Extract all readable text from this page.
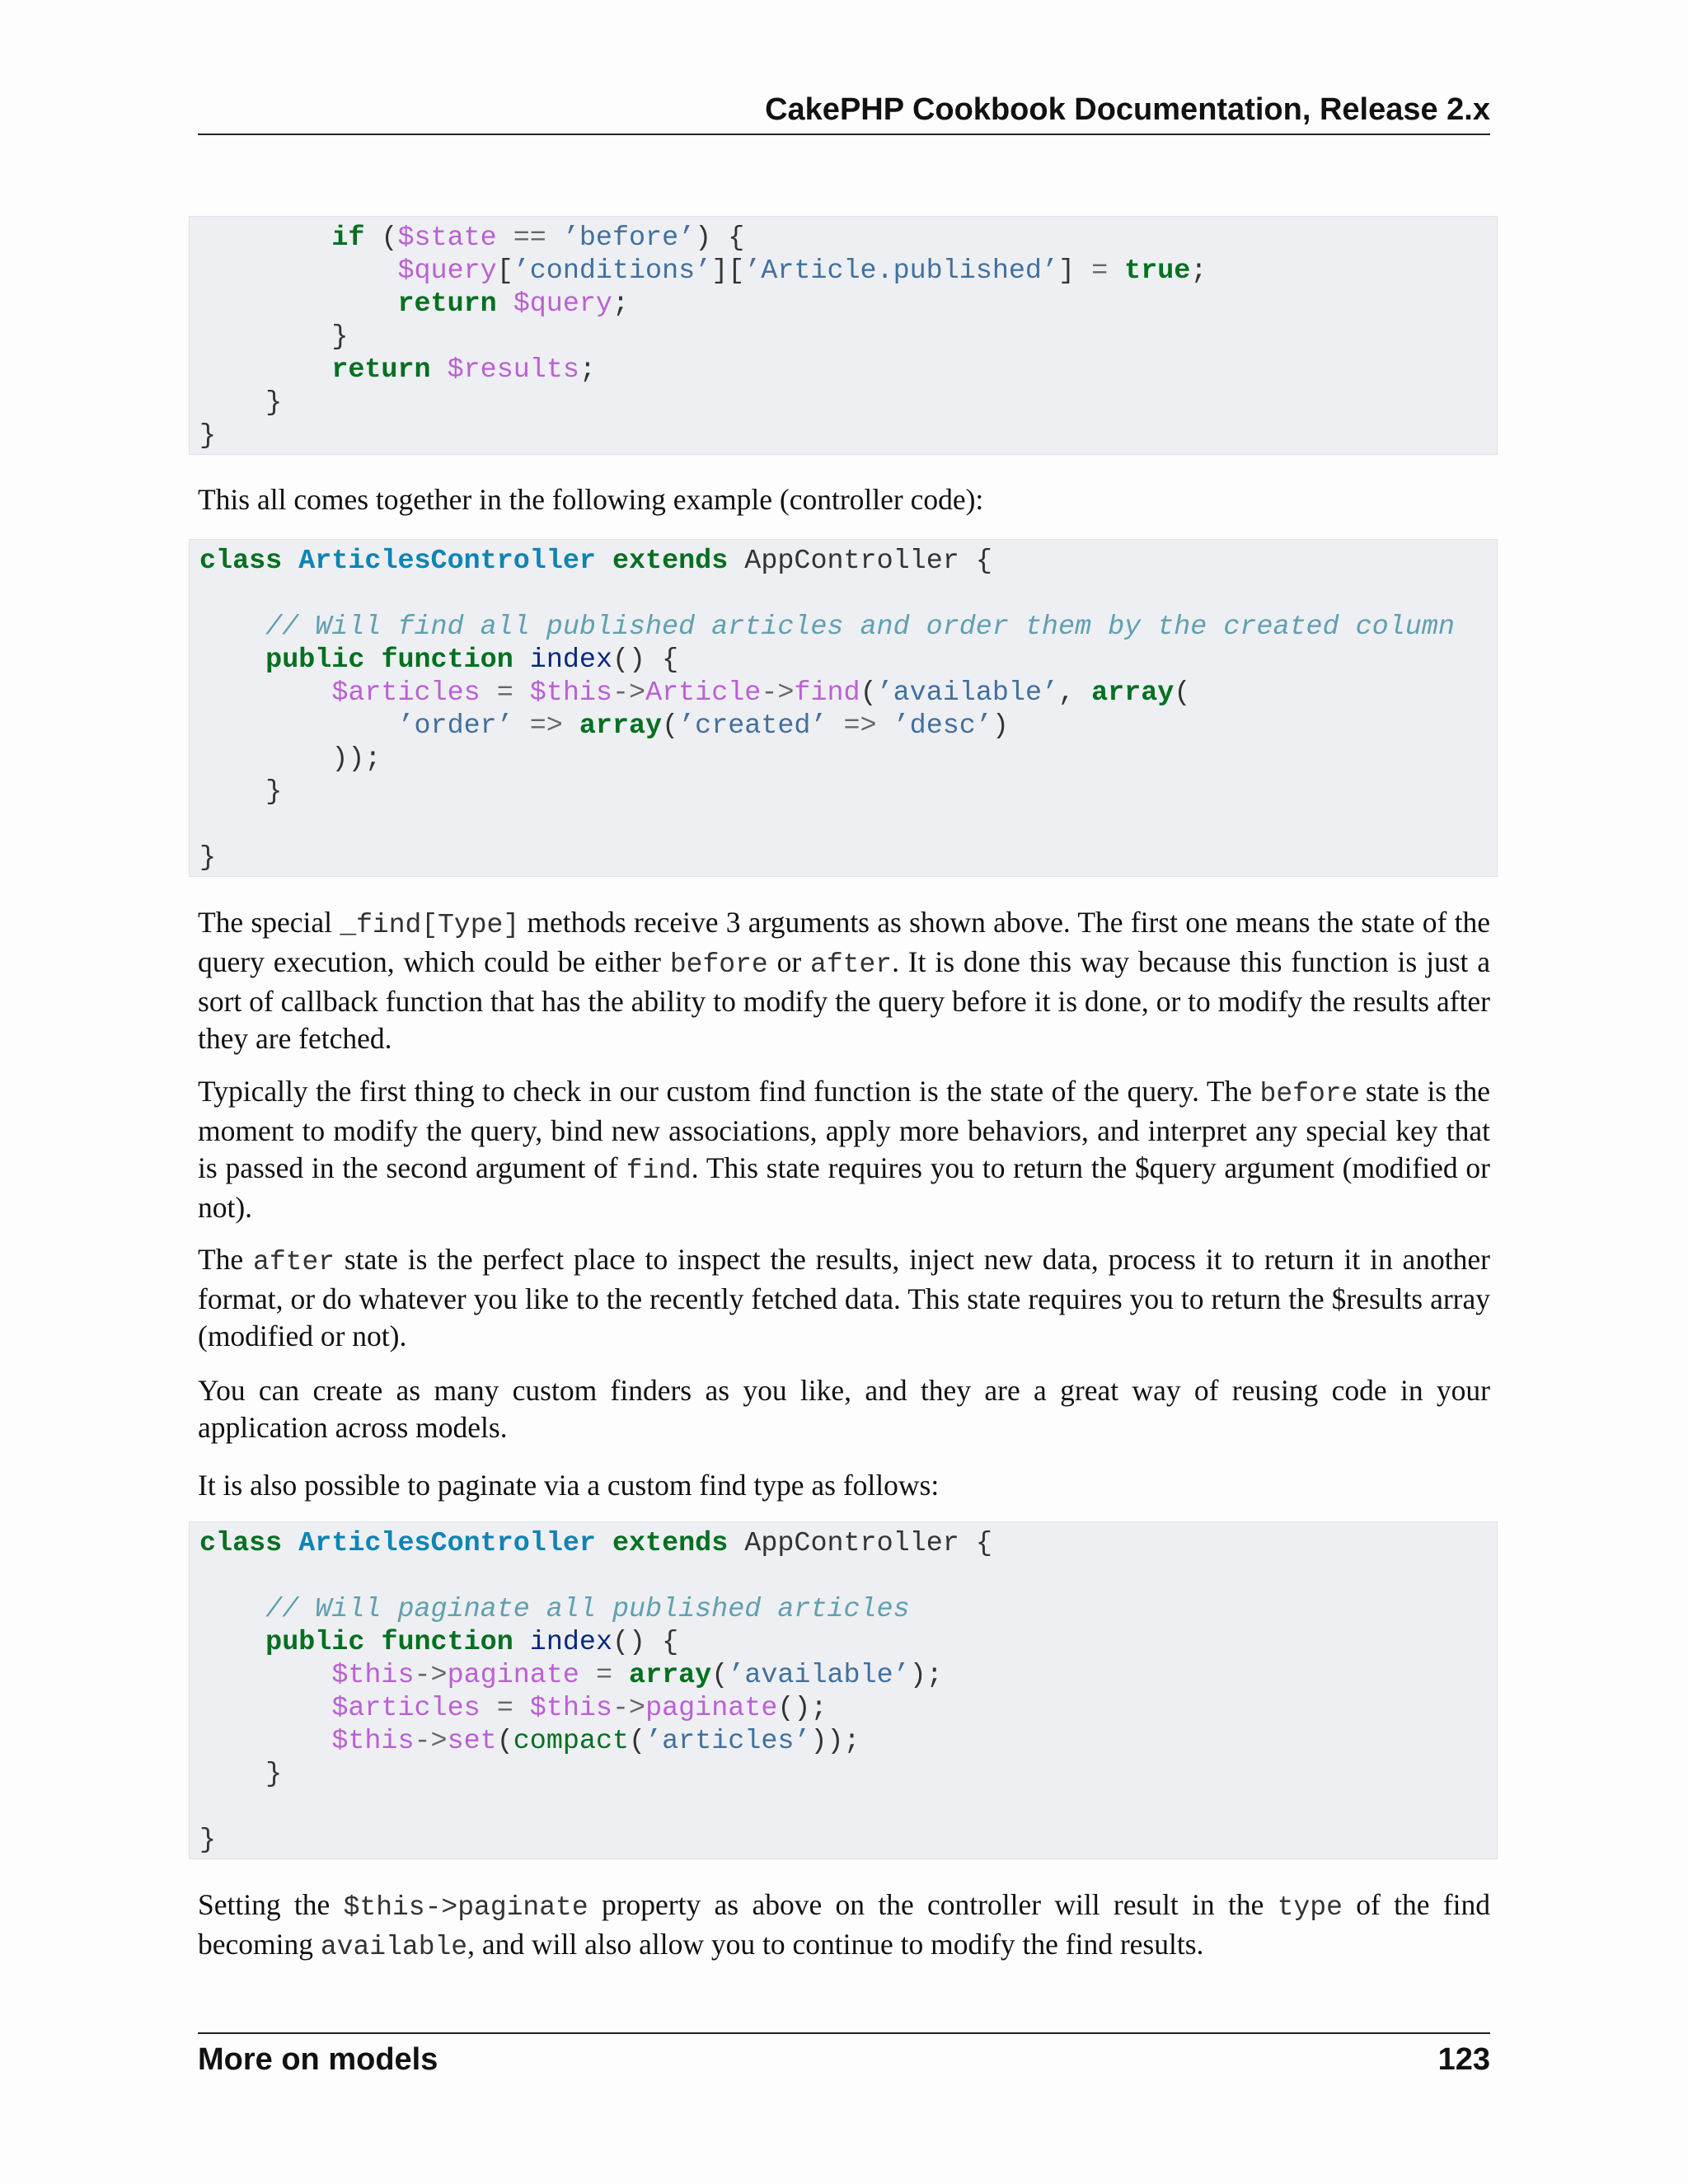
CakePHP Cookbook Documentation, Release 2.x
if ($state == ’before’) {
$query[’conditions’][’Article.published’] = true;
return $query;
}
return $results;
}
}

This all comes together in the following example (controller code):

class ArticlesController extends AppController {

// Will find all published articles and order them by the created column
public function index() {
$articles = $this->Article->find(’available’, array(
’order’ => array(’created’ => ’desc’)
));
}

}

The special _find[Type] methods receive 3 arguments as shown above. The first one means the state of the query execution, which could be either before or after. It is done this way because this function is just a sort of callback function that has the ability to modify the query before it is done, or to modify the results after they are fetched.

Typically the first thing to check in our custom find function is the state of the query. The before state is the moment to modify the query, bind new associations, apply more behaviors, and interpret any special key that is passed in the second argument of find. This state requires you to return the $query argument (modified or not).

The after state is the perfect place to inspect the results, inject new data, process it to return it in another format, or do whatever you like to the recently fetched data. This state requires you to return the $results array (modified or not).

You can create as many custom finders as you like, and they are a great way of reusing code in your application across models.

It is also possible to paginate via a custom find type as follows:

class ArticlesController extends AppController {

// Will paginate all published articles
public function index() {
$this->paginate = array(’available’);
$articles = $this->paginate();
$this->set(compact(’articles’));
}

}

Setting the $this->paginate property as above on the controller will result in the type of the find becoming available, and will also allow you to continue to modify the find results.

More on models	123
